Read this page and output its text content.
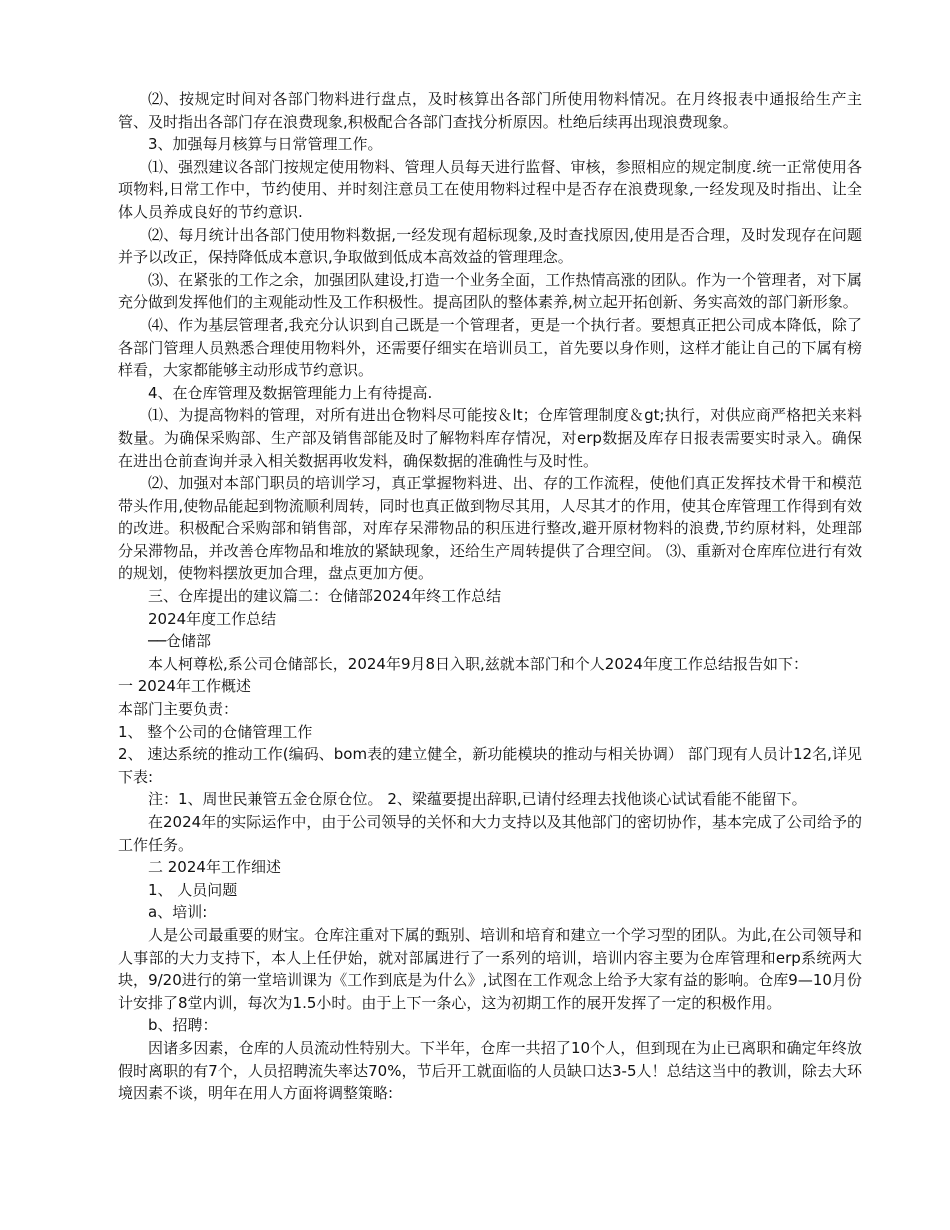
⑵、按规定时间对各部门物料进行盘点，及时核算出各部门所使用物料情况。在月终报表中通报给生产主管、及时指出各部门存在浪费现象,积极配合各部门查找分析原因。杜绝后续再出现浪费现象。

3、加强每月核算与日常管理工作。

⑴、强烈建议各部门按规定使用物料、管理人员每天进行监督、审核，参照相应的规定制度.统一正常使用各项物料,日常工作中，节约使用、并时刻注意员工在使用物料过程中是否存在浪费现象,一经发现及时指出、让全体人员养成良好的节约意识.

⑵、每月统计出各部门使用物料数据,一经发现有超标现象,及时查找原因,使用是否合理，及时发现存在问题并予以改正，保持降低成本意识,争取做到低成本高效益的管理理念。

⑶、在紧张的工作之余，加强团队建设,打造一个业务全面，工作热情高涨的团队。作为一个管理者，对下属充分做到发挥他们的主观能动性及工作积极性。提高团队的整体素养,树立起开拓创新、务实高效的部门新形象。

⑷、作为基层管理者,我充分认识到自己既是一个管理者，更是一个执行者。要想真正把公司成本降低，除了各部门管理人员熟悉合理使用物料外，还需要仔细实在培训员工，首先要以身作则，这样才能让自己的下属有榜样看，大家都能够主动形成节约意识。

4、在仓库管理及数据管理能力上有待提高.

⑴、为提高物料的管理，对所有进出仓物料尽可能按＆lt；仓库管理制度＆gt;执行，对供应商严格把关来料数量。为确保采购部、生产部及销售部能及时了解物料库存情况，对erp数据及库存日报表需要实时录入。确保在进出仓前查询并录入相关数据再收发料，确保数据的准确性与及时性。

⑵、加强对本部门职员的培训学习，真正掌握物料进、出、存的工作流程，使他们真正发挥技术骨干和模范带头作用,使物品能起到物流顺利周转，同时也真正做到物尽其用，人尽其才的作用，使其仓库管理工作得到有效的改进。积极配合采购部和销售部，对库存呆滞物品的积压进行整改,避开原材物料的浪费,节约原材料，处理部分呆滞物品，并改善仓库物品和堆放的紧缺现象，还给生产周转提供了合理空间。 ⑶、重新对仓库库位进行有效的规划，使物料摆放更加合理，盘点更加方便。

三、仓库提出的建议篇二：仓储部2024年终工作总结

2024年度工作总结

──仓储部

本人柯尊松,系公司仓储部长，2024年9月8日入职,兹就本部门和个人2024年度工作总结报告如下：

一 2024年工作概述

本部门主要负责：

1、 整个公司的仓储管理工作

2、 速达系统的推动工作(编码、bom表的建立健全，新功能模块的推动与相关协调） 部门现有人员计12名,详见下表:

注：1、周世民兼管五金仓原仓位。 2、梁蕴要提出辞职,已请付经理去找他谈心试试看能不能留下。

在2024年的实际运作中，由于公司领导的关怀和大力支持以及其他部门的密切协作，基本完成了公司给予的工作任务。

二 2024年工作细述

1、 人员问题

a、培训:

人是公司最重要的财宝。仓库注重对下属的甄别、培训和培育和建立一个学习型的团队。为此,在公司领导和人事部的大力支持下，本人上任伊始，就对部属进行了一系列的培训，培训内容主要为仓库管理和erp系统两大块，9/20进行的第一堂培训课为《工作到底是为什么》,试图在工作观念上给予大家有益的影响。仓库9—10月份计安排了8堂内训，每次为1.5小时。由于上下一条心，这为初期工作的展开发挥了一定的积极作用。

b、招聘：

因诸多因素，仓库的人员流动性特别大。下半年，仓库一共招了10个人，但到现在为止已离职和确定年终放假时离职的有7个，人员招聘流失率达70%，节后开工就面临的人员缺口达3-5人！总结这当中的教训，除去大环境因素不谈，明年在用人方面将调整策略:
